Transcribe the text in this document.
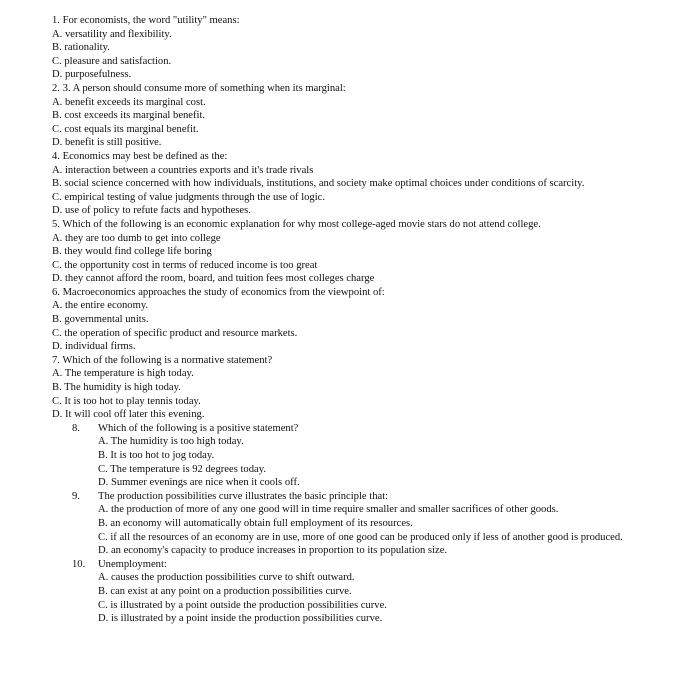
1. For economists, the word "utility" means:
A. versatility and flexibility.
B. rationality.
C. pleasure and satisfaction.
D. purposefulness.
2. 3. A person should consume more of something when its marginal:
A. benefit exceeds its marginal cost.
B. cost exceeds its marginal benefit.
C. cost equals its marginal benefit.
D. benefit is still positive.
4. Economics may best be defined as the:
A. interaction between a countries exports and it's trade rivals
B. social science concerned with how individuals, institutions, and society make optimal choices under conditions of scarcity.
C. empirical testing of value judgments through the use of logic.
D. use of policy to refute facts and hypotheses.
5. Which of the following is an economic explanation for why most college-aged movie stars do not attend college.
A. they are too dumb to get into college
B. they would find college life boring
C. the opportunity cost in terms of reduced income is too great
D. they cannot afford the room, board, and tuition fees most colleges charge
6. Macroeconomics approaches the study of economics from the viewpoint of:
A. the entire economy.
B. governmental units.
C. the operation of specific product and resource markets.
D. individual firms.
7. Which of the following is a normative statement?
A. The temperature is high today.
B. The humidity is high today.
C. It is too hot to play tennis today.
D. It will cool off later this evening.
8. Which of the following is a positive statement?
A. The humidity is too high today.
B. It is too hot to jog today.
C. The temperature is 92 degrees today.
D. Summer evenings are nice when it cools off.
9. The production possibilities curve illustrates the basic principle that:
A. the production of more of any one good will in time require smaller and smaller sacrifices of other goods.
B. an economy will automatically obtain full employment of its resources.
C. if all the resources of an economy are in use, more of one good can be produced only if less of another good is produced.
D. an economy's capacity to produce increases in proportion to its population size.
10. Unemployment:
A. causes the production possibilities curve to shift outward.
B. can exist at any point on a production possibilities curve.
C. is illustrated by a point outside the production possibilities curve.
D. is illustrated by a point inside the production possibilities curve.
